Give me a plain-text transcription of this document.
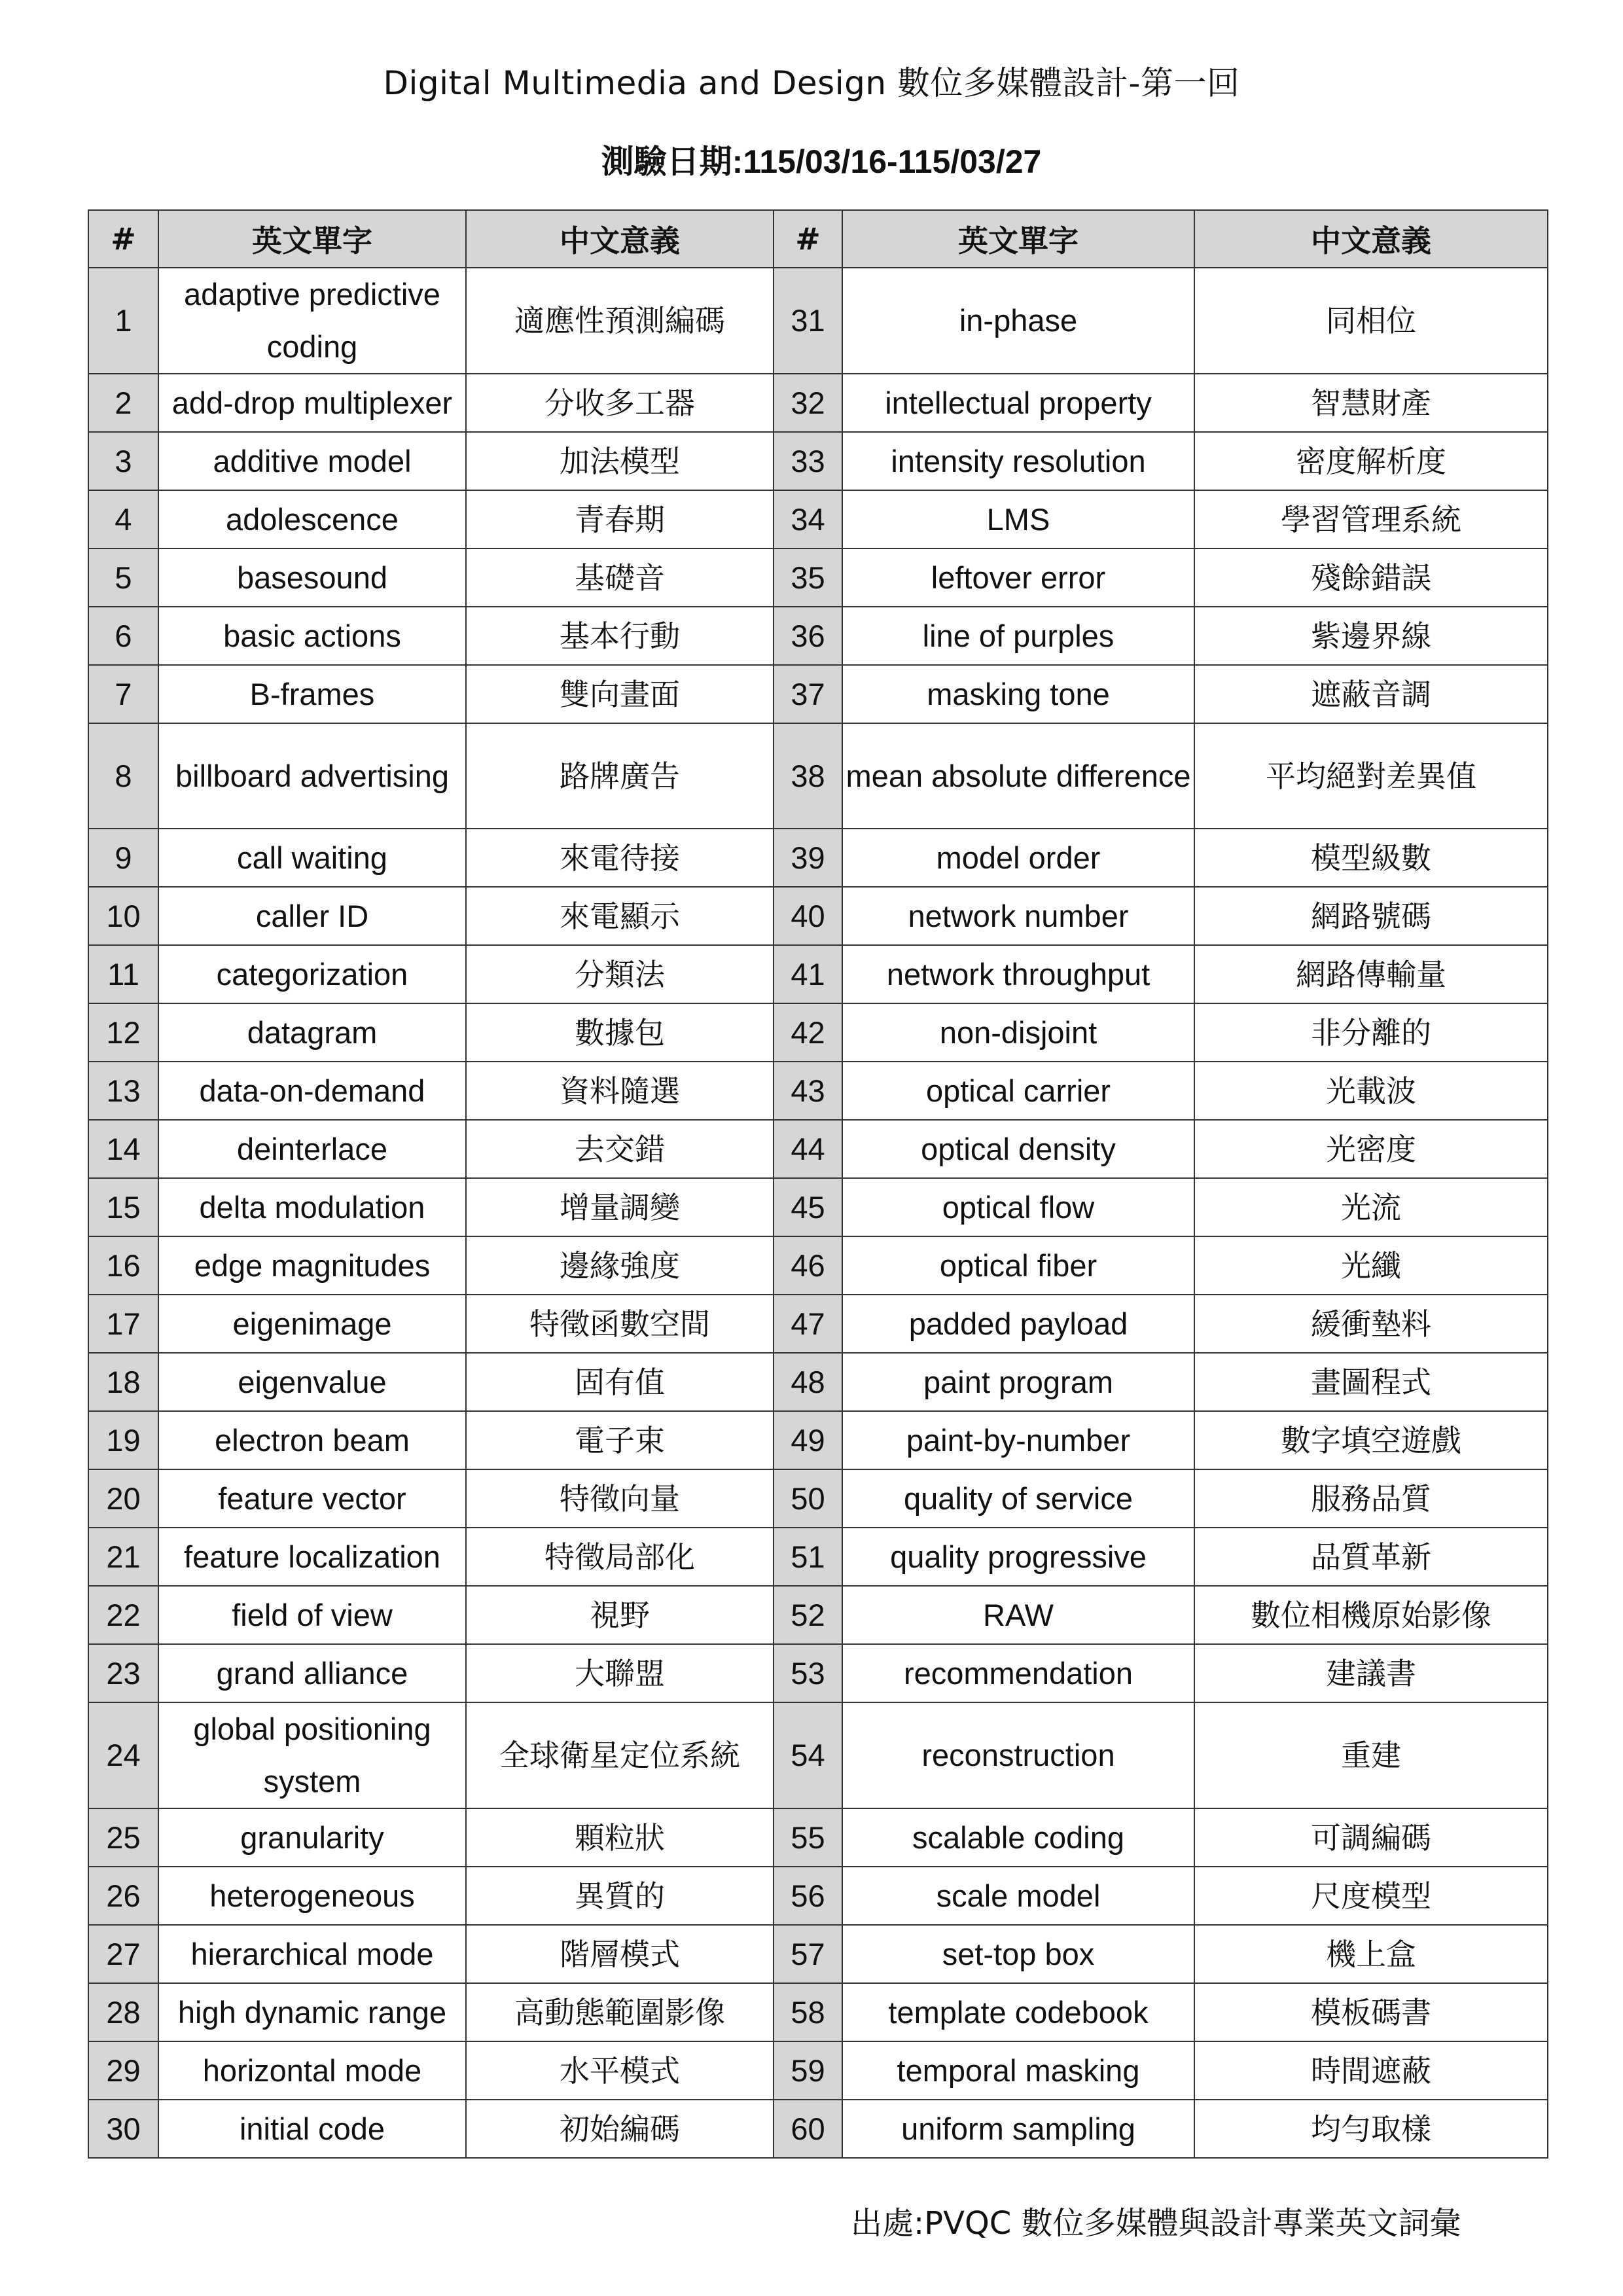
Digital Multimedia and Design 數位多媒體設計-第一回
測驗日期:115/03/16-115/03/27
#	英文單字	中文意義	#	英文單字	中文意義
1	adaptive predictive coding	適應性預測編碼	31	in-phase	同相位
2	add-drop multiplexer	分收多工器	32	intellectual property	智慧財產
3	additive model	加法模型	33	intensity resolution	密度解析度
4	adolescence	青春期	34	LMS	學習管理系統
5	basesound	基礎音	35	leftover error	殘餘錯誤
6	basic actions	基本行動	36	line of purples	紫邊界線
7	B-frames	雙向畫面	37	masking tone	遮蔽音調
8	billboard advertising	路牌廣告	38	mean absolute difference	平均絕對差異值
9	call waiting	來電待接	39	model order	模型級數
10	caller ID	來電顯示	40	network number	網路號碼
11	categorization	分類法	41	network throughput	網路傳輸量
12	datagram	數據包	42	non-disjoint	非分離的
13	data-on-demand	資料隨選	43	optical carrier	光載波
14	deinterlace	去交錯	44	optical density	光密度
15	delta modulation	增量調變	45	optical flow	光流
16	edge magnitudes	邊緣強度	46	optical fiber	光纖
17	eigenimage	特徵函數空間	47	padded payload	緩衝墊料
18	eigenvalue	固有值	48	paint program	畫圖程式
19	electron beam	電子束	49	paint-by-number	數字填空遊戲
20	feature vector	特徵向量	50	quality of service	服務品質
21	feature localization	特徵局部化	51	quality progressive	品質革新
22	field of view	視野	52	RAW	數位相機原始影像
23	grand alliance	大聯盟	53	recommendation	建議書
24	global positioning system	全球衛星定位系統	54	reconstruction	重建
25	granularity	顆粒狀	55	scalable coding	可調編碼
26	heterogeneous	異質的	56	scale model	尺度模型
27	hierarchical mode	階層模式	57	set-top box	機上盒
28	high dynamic range	高動態範圍影像	58	template codebook	模板碼書
29	horizontal mode	水平模式	59	temporal masking	時間遮蔽
30	initial code	初始編碼	60	uniform sampling	均勻取樣
出處:PVQC 數位多媒體與設計專業英文詞彙
